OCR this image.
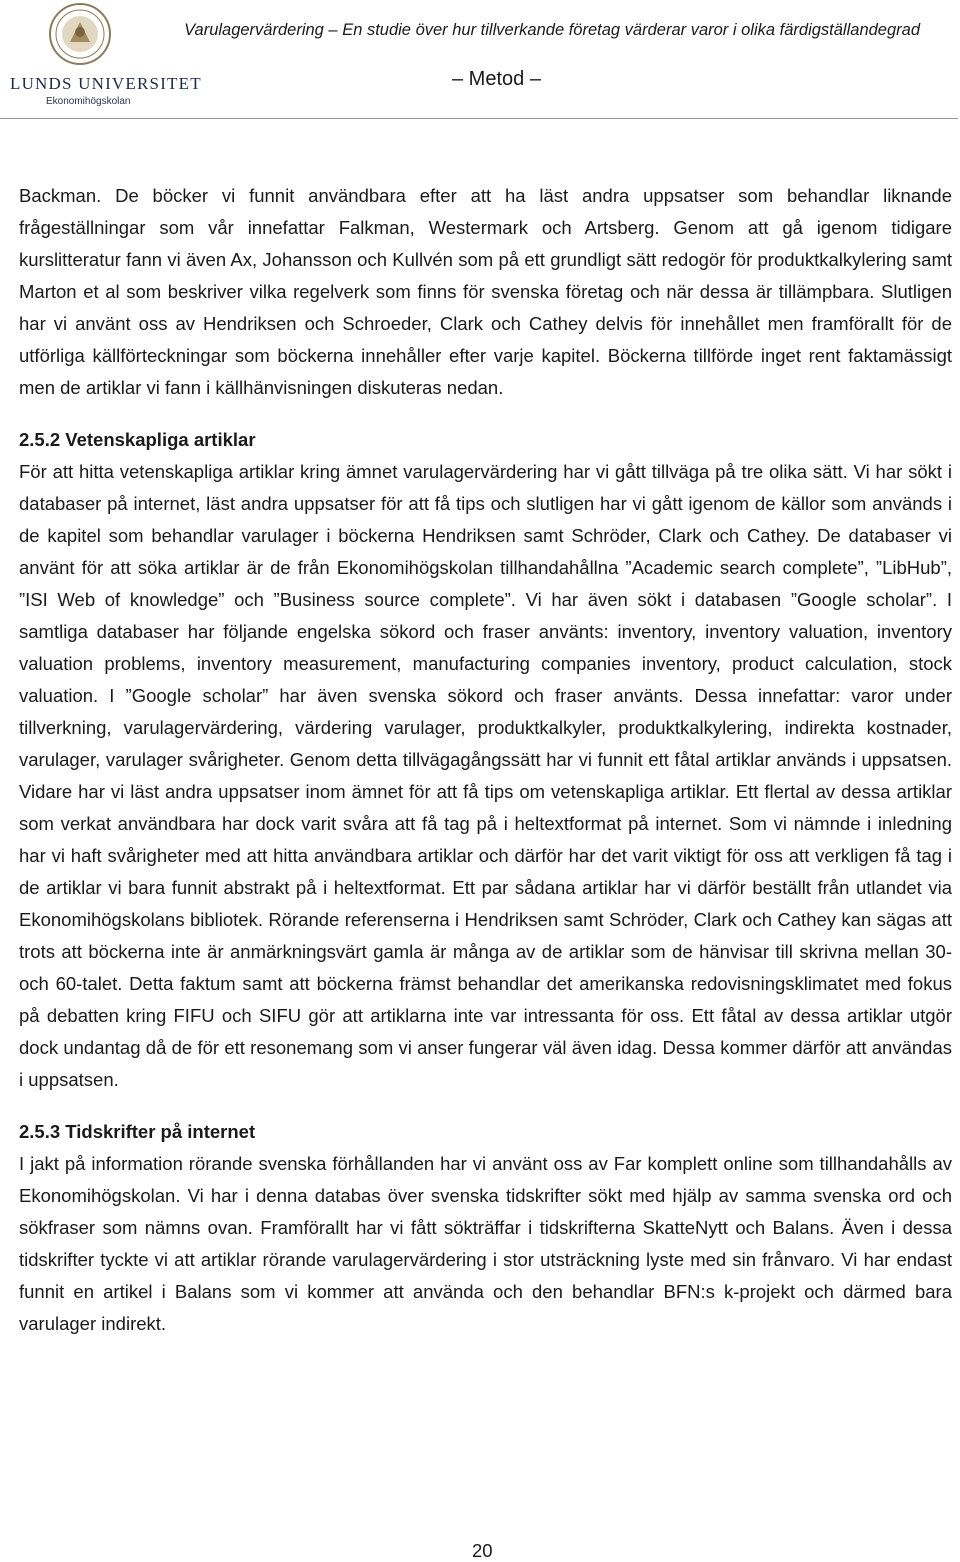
LUNDS UNIVERSITET
Ekonomihögskolan
Varulagervärdering – En studie över hur tillverkande företag värderar varor i olika färdigställandegrad
– Metod –

Backman. De böcker vi funnit användbara efter att ha läst andra uppsatser som behandlar liknande frågeställningar som vår innefattar Falkman, Westermark och Artsberg. Genom att gå igenom tidigare kurslitteratur fann vi även Ax, Johansson och Kullvén som på ett grundligt sätt redogör för produktkalkylering samt Marton et al som beskriver vilka regelverk som finns för svenska företag och när dessa är tillämpbara. Slutligen har vi använt oss av Hendriksen och Schroeder, Clark och Cathey delvis för innehållet men framförallt för de utförliga källförteckningar som böckerna innehåller efter varje kapitel. Böckerna tillförde inget rent faktamässigt men de artiklar vi fann i källhänvisningen diskuteras nedan.

2.5.2 Vetenskapliga artiklar

För att hitta vetenskapliga artiklar kring ämnet varulagervärdering har vi gått tillväga på tre olika sätt. Vi har sökt i databaser på internet, läst andra uppsatser för att få tips och slutligen har vi gått igenom de källor som används i de kapitel som behandlar varulager i böckerna Hendriksen samt Schröder, Clark och Cathey. De databaser vi använt för att söka artiklar är de från Ekonomihögskolan tillhandahållna ”Academic search complete”, ”LibHub”, ”ISI Web of knowledge” och ”Business source complete”. Vi har även sökt i databasen ”Google scholar”. I samtliga databaser har följande engelska sökord och fraser använts: inventory, inventory valuation, inventory valuation problems, inventory measurement, manufacturing companies inventory, product calculation, stock valuation. I ”Google scholar” har även svenska sökord och fraser använts. Dessa innefattar: varor under tillverkning, varulagervärdering, värdering varulager, produktkalkyler, produktkalkylering, indirekta kostnader, varulager, varulager svårigheter. Genom detta tillvägagångssätt har vi funnit ett fåtal artiklar används i uppsatsen. Vidare har vi läst andra uppsatser inom ämnet för att få tips om vetenskapliga artiklar. Ett flertal av dessa artiklar som verkat användbara har dock varit svåra att få tag på i heltextformat på internet. Som vi nämnde i inledning har vi haft svårigheter med att hitta användbara artiklar och därför har det varit viktigt för oss att verkligen få tag i de artiklar vi bara funnit abstrakt på i heltextformat. Ett par sådana artiklar har vi därför beställt från utlandet via Ekonomihögskolans bibliotek. Rörande referenserna i Hendriksen samt Schröder, Clark och Cathey kan sägas att trots att böckerna inte är anmärkningsvärt gamla är många av de artiklar som de hänvisar till skrivna mellan 30- och 60-talet. Detta faktum samt att böckerna främst behandlar det amerikanska redovisningsklimatet med fokus på debatten kring FIFU och SIFU gör att artiklarna inte var intressanta för oss. Ett fåtal av dessa artiklar utgör dock undantag då de för ett resonemang som vi anser fungerar väl även idag. Dessa kommer därför att användas i uppsatsen.

2.5.3 Tidskrifter på internet

I jakt på information rörande svenska förhållanden har vi använt oss av Far komplett online som tillhandahålls av Ekonomihögskolan. Vi har i denna databas över svenska tidskrifter sökt med hjälp av samma svenska ord och sökfraser som nämns ovan. Framförallt har vi fått sökträffar i tidskrifterna SkatteNytt och Balans. Även i dessa tidskrifter tyckte vi att artiklar rörande varulagervärdering i stor utsträckning lyste med sin frånvaro. Vi har endast funnit en artikel i Balans som vi kommer att använda och den behandlar BFN:s k-projekt och därmed bara varulager indirekt.

20
